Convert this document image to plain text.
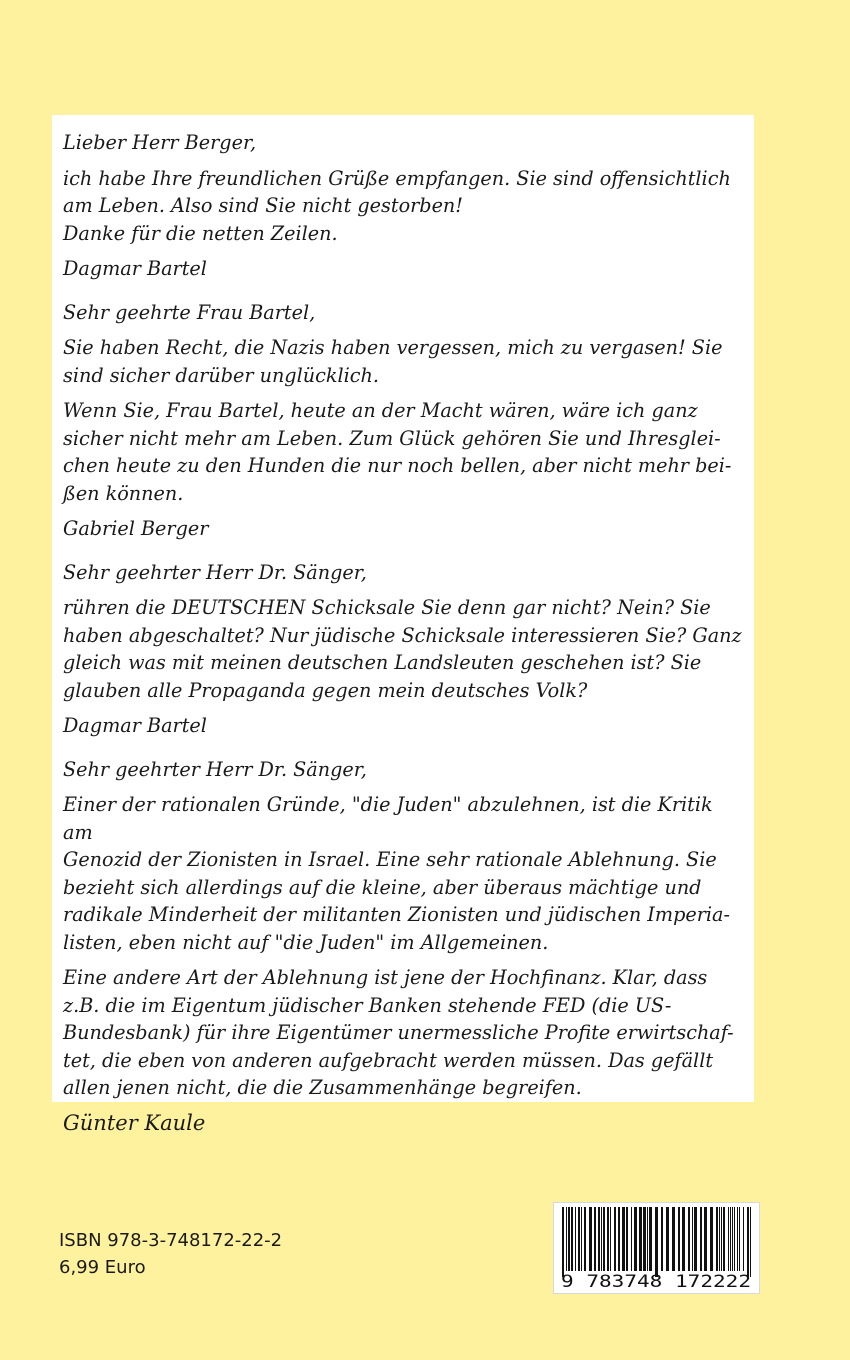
Lieber Herr Berger,

ich habe Ihre freundlichen Grüße empfangen. Sie sind offensichtlich
am Leben. Also sind Sie nicht gestorben!
Danke für die netten Zeilen.

Dagmar Bartel

Sehr geehrte Frau Bartel,

Sie haben Recht, die Nazis haben vergessen, mich zu vergasen! Sie
sind sicher darüber unglücklich.

Wenn Sie, Frau Bartel, heute an der Macht wären, wäre ich ganz
sicher nicht mehr am Leben. Zum Glück gehören Sie und Ihresglei-
chen heute zu den Hunden die nur noch bellen, aber nicht mehr bei-
ßen können.

Gabriel Berger

Sehr geehrter Herr Dr. Sänger,

rühren die DEUTSCHEN Schicksale Sie denn gar nicht? Nein? Sie
haben abgeschaltet? Nur jüdische Schicksale interessieren Sie? Ganz
gleich was mit meinen deutschen Landsleuten geschehen ist? Sie
glauben alle Propaganda gegen mein deutsches Volk?

Dagmar Bartel

Sehr geehrter Herr Dr. Sänger,

Einer der rationalen Gründe, "die Juden" abzulehnen, ist die Kritik am
Genozid der Zionisten in Israel. Eine sehr rationale Ablehnung. Sie
bezieht sich allerdings auf die kleine, aber überaus mächtige und
radikale Minderheit der militanten Zionisten und jüdischen Imperia-
listen, eben nicht auf "die Juden" im Allgemeinen.

Eine andere Art der Ablehnung ist jene der Hochfinanz. Klar, dass
z.B. die im Eigentum jüdischer Banken stehende FED (die US-
Bundesbank) für ihre Eigentümer unermessliche Profite erwirtschaf-
tet, die eben von anderen aufgebracht werden müssen. Das gefällt
allen jenen nicht, die die Zusammenhänge begreifen.

Günter Kaule

ISBN 978-3-748172-22-2
6,99 Euro
9 783748 172222
